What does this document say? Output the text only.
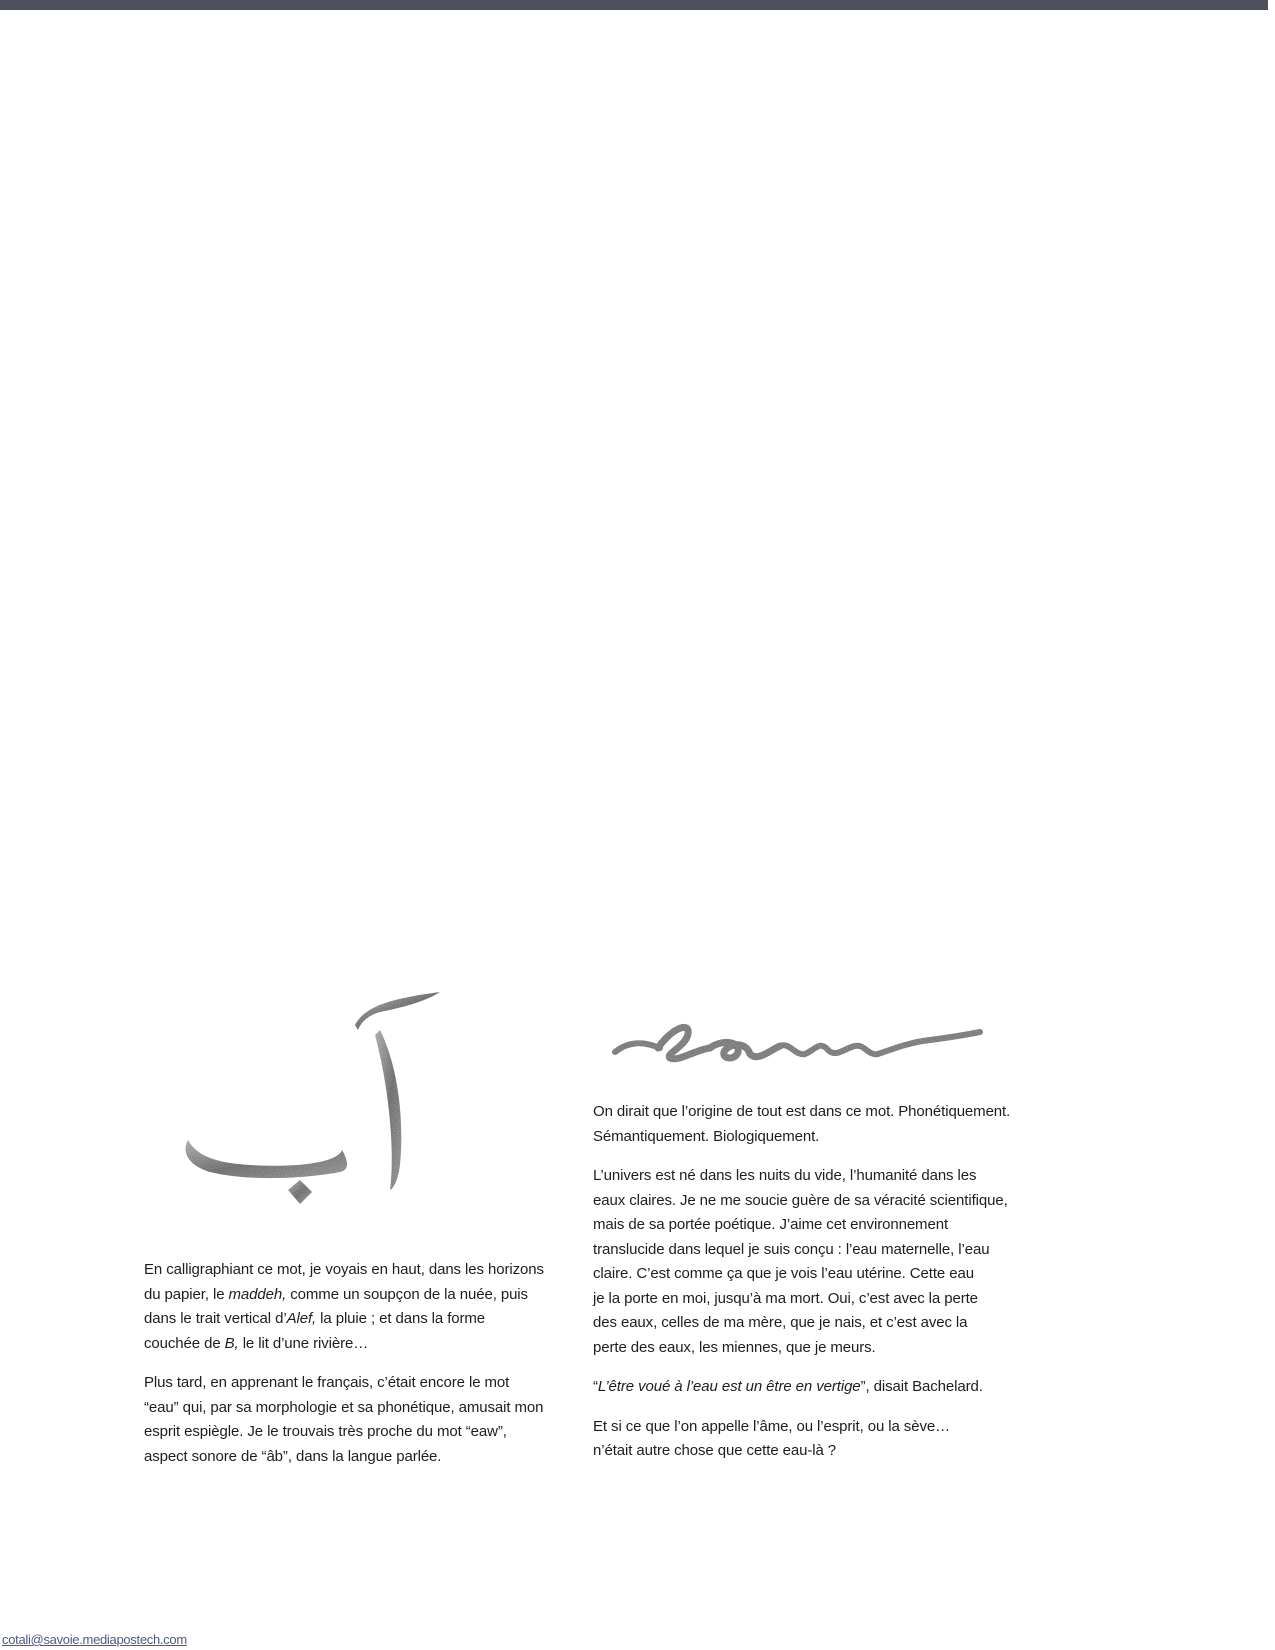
En calligraphiant ce mot, je voyais en haut, dans les horizons
du papier, le maddeh, comme un soupçon de la nuée, puis
dans le trait vertical d’Alef, la pluie ; et dans la forme
couchée de B, le lit d’une rivière…

Plus tard, en apprenant le français, c’était encore le mot
“eau” qui, par sa morphologie et sa phonétique, amusait mon
esprit espiègle. Je le trouvais très proche du mot “eaw”,
aspect sonore de “âb”, dans la langue parlée.

On dirait que l’origine de tout est dans ce mot. Phonétiquement.
Sémantiquement. Biologiquement.

L’univers est né dans les nuits du vide, l’humanité dans les
eaux claires. Je ne me soucie guère de sa véracité scientifique,
mais de sa portée poétique. J’aime cet environnement
translucide dans lequel je suis conçu : l’eau maternelle, l’eau
claire. C’est comme ça que je vois l’eau utérine. Cette eau
je la porte en moi, jusqu’à ma mort. Oui, c’est avec la perte
des eaux, celles de ma mère, que je nais, et c’est avec la
perte des eaux, les miennes, que je meurs.

“L’être voué à l’eau est un être en vertige”, disait Bachelard.

Et si ce que l’on appelle l’âme, ou l’esprit, ou la sève…
n’était autre chose que cette eau-là ?

cotali@savoie.mediapostech.com
